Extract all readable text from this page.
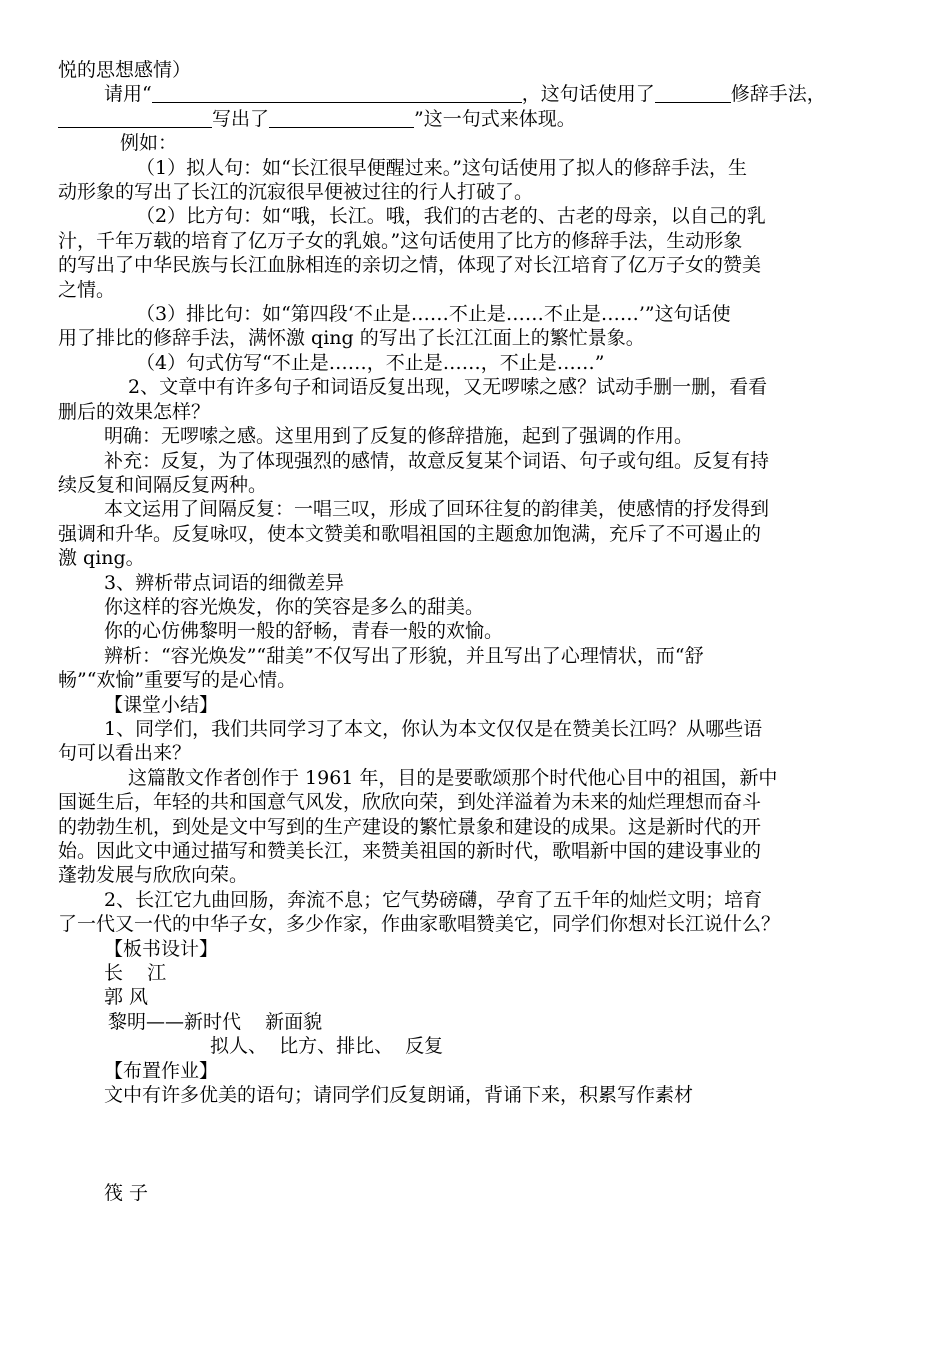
悦的思想感情）
请用“	，这句话使用了	修辞手法，
写出了	”这一句式来体现。
例如：
（1）拟人句：如“长江很早便醒过来。”这句话使用了拟人的修辞手法，生
动形象的写出了长江的沉寂很早便被过往的行人打破了。
（2）比方句：如“哦，长江。哦，我们的古老的、古老的母亲，以自己的乳
汁，千年万载的培育了亿万子女的乳娘。”这句话使用了比方的修辞手法，生动形象
的写出了中华民族与长江血脉相连的亲切之情，体现了对长江培育了亿万子女的赞美
之情。
（3）排比句：如“第四段‘不止是……不止是……不止是……’”这句话使
用了排比的修辞手法，满怀激 qing 的写出了长江江面上的繁忙景象。
（4）句式仿写“不止是……，不止是……，不止是……”
2、文章中有许多句子和词语反复出现，又无啰嗦之感？试动手删一删，看看
删后的效果怎样？
明确：无啰嗦之感。这里用到了反复的修辞措施，起到了强调的作用。
补充：反复，为了体现强烈的感情，故意反复某个词语、句子或句组。反复有持
续反复和间隔反复两种。
本文运用了间隔反复：一唱三叹，形成了回环往复的韵律美，使感情的抒发得到
强调和升华。反复咏叹，使本文赞美和歌唱祖国的主题愈加饱满，充斥了不可遏止的
激 qing。
3、辨析带点词语的细微差异
你这样的容光焕发，你的笑容是多么的甜美。
你的心仿佛黎明一般的舒畅，青春一般的欢愉。
辨析：“容光焕发”“甜美”不仅写出了形貌，并且写出了心理情状，而“舒
畅”“欢愉”重要写的是心情。
【课堂小结】
1、同学们，我们共同学习了本文，你认为本文仅仅是在赞美长江吗？从哪些语
句可以看出来？
这篇散文作者创作于 1961 年，目的是要歌颂那个时代他心目中的祖国，新中
国诞生后，年轻的共和国意气风发，欣欣向荣，到处洋溢着为未来的灿烂理想而奋斗
的勃勃生机，到处是文中写到的生产建设的繁忙景象和建设的成果。这是新时代的开
始。因此文中通过描写和赞美长江，来赞美祖国的新时代，歌唱新中国的建设事业的
蓬勃发展与欣欣向荣。
2、长江它九曲回肠，奔流不息；它气势磅礴，孕育了五千年的灿烂文明；培育
了一代又一代的中华子女，多少作家，作曲家歌唱赞美它，同学们你想对长江说什么？
【板书设计】
长    江
郭 风
黎明——新时代    新面貌
拟人、  比方、排比、  反复
【布置作业】
文中有许多优美的语句；请同学们反复朗诵，背诵下来，积累写作素材
筏 子
